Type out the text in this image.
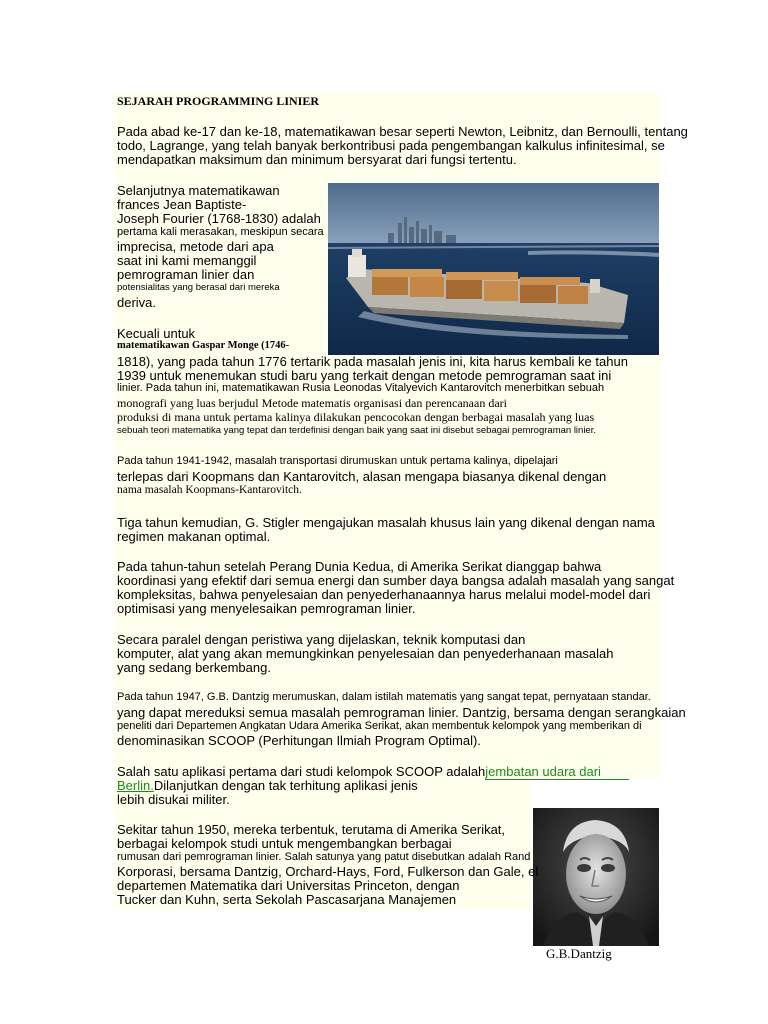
SEJARAH PROGRAMMING LINIER
Pada abad ke-17 dan ke-18, matematikawan besar seperti Newton, Leibnitz, dan Bernoulli, tentang
todo, Lagrange, yang telah banyak berkontribusi pada pengembangan kalkulus infinitesimal, se
mendapatkan maksimum dan minimum bersyarat dari fungsi tertentu.
Selanjutnya matematikawan
frances Jean Baptiste-
Joseph Fourier (1768-1830) adalah
pertama kali merasakan, meskipun secara
imprecisa, metode dari apa
saat ini kami memanggil
pemrograman linier dan
potensialitas yang berasal dari mereka
deriva.
Kecuali untuk
matematikawan Gaspar Monge (1746-
1818), yang pada tahun 1776 tertarik pada masalah jenis ini, kita harus kembali ke tahun
1939 untuk menemukan studi baru yang terkait dengan metode pemrograman saat ini
linier. Pada tahun ini, matematikawan Rusia Leonodas Vitalyevich Kantarovitch menerbitkan sebuah
monografi yang luas berjudul Metode matematis organisasi dan perencanaan dari
produksi di mana untuk pertama kalinya dilakukan pencocokan dengan berbagai masalah yang luas
sebuah teori matematika yang tepat dan terdefinisi dengan baik yang saat ini disebut sebagai pemrograman linier.
Pada tahun 1941-1942, masalah transportasi dirumuskan untuk pertama kalinya, dipelajari
terlepas dari Koopmans dan Kantarovitch, alasan mengapa biasanya dikenal dengan
nama masalah Koopmans-Kantarovitch.
Tiga tahun kemudian, G. Stigler mengajukan masalah khusus lain yang dikenal dengan nama
regimen makanan optimal.
Pada tahun-tahun setelah Perang Dunia Kedua, di Amerika Serikat dianggap bahwa
koordinasi yang efektif dari semua energi dan sumber daya bangsa adalah masalah yang sangat
kompleksitas, bahwa penyelesaian dan penyederhanaannya harus melalui model-model dari
optimisasi yang menyelesaikan pemrograman linier.
Secara paralel dengan peristiwa yang dijelaskan, teknik komputasi dan
komputer, alat yang akan memungkinkan penyelesaian dan penyederhanaan masalah
yang sedang berkembang.
Pada tahun 1947, G.B. Dantzig merumuskan, dalam istilah matematis yang sangat tepat, pernyataan standar.
yang dapat mereduksi semua masalah pemrograman linier. Dantzig, bersama dengan serangkaian
peneliti dari Departemen Angkatan Udara Amerika Serikat, akan membentuk kelompok yang memberikan di
denominasikan SCOOP (Perhitungan Ilmiah Program Optimal).
Salah satu aplikasi pertama dari studi kelompok SCOOP adalahjembatan udara dari
Berlin.Dilanjutkan dengan tak terhitung aplikasi jenis
lebih disukai militer.
Sekitar tahun 1950, mereka terbentuk, terutama di Amerika Serikat,
berbagai kelompok studi untuk mengembangkan berbagai
rumusan dari pemrograman linier. Salah satunya yang patut disebutkan adalah Rand
Korporasi, bersama Dantzig, Orchard-Hays, Ford, Fulkerson dan Gale, el
departemen Matematika dari Universitas Princeton, dengan
Tucker dan Kuhn, serta Sekolah Pascasarjana Manajemen
G.B.Dantzig
